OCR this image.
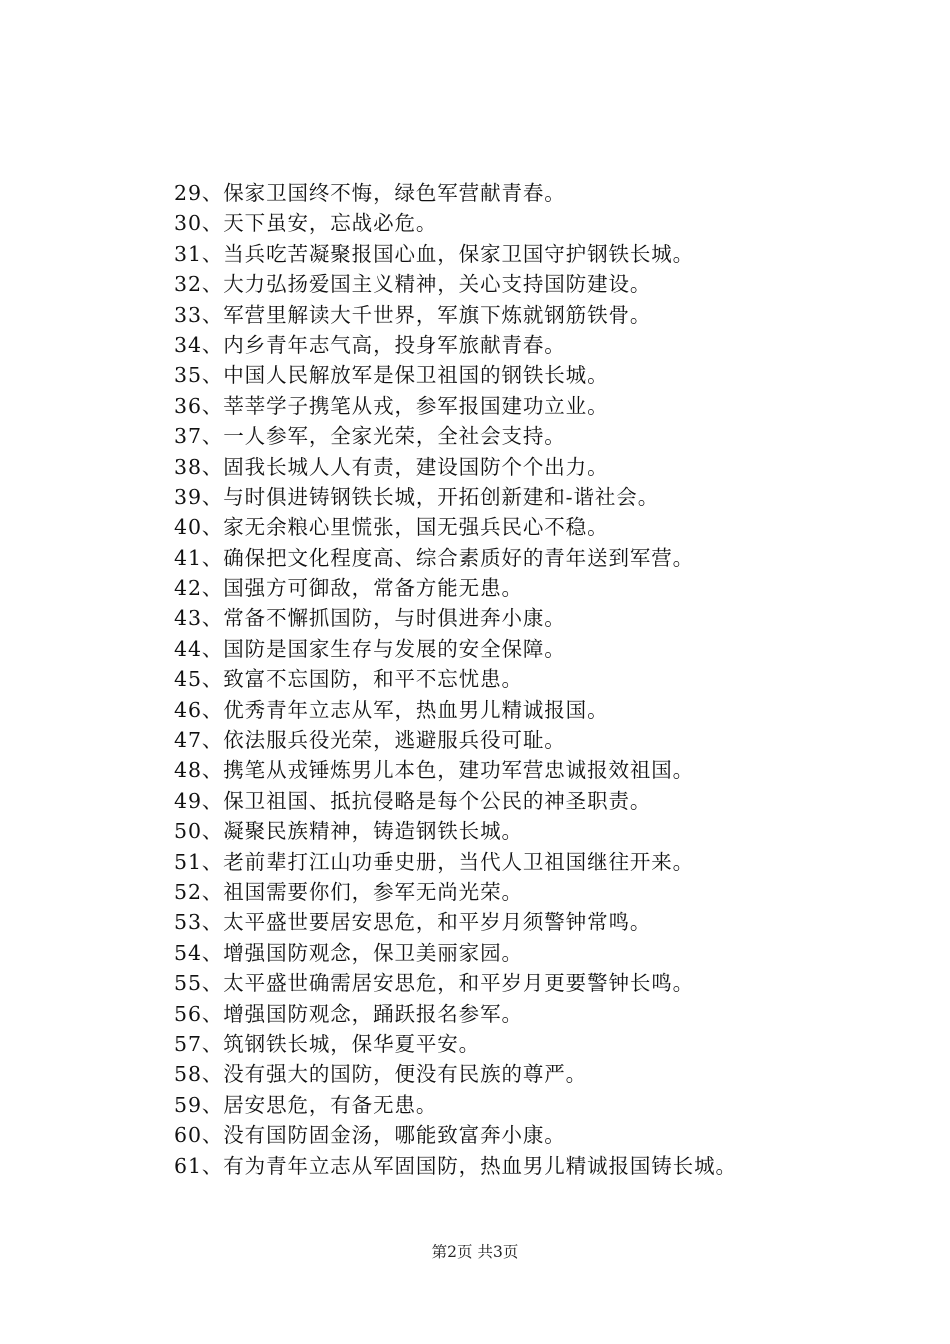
29、保家卫国终不悔，绿色军营献青春。
30、天下虽安，忘战必危。
31、当兵吃苦凝聚报国心血，保家卫国守护钢铁长城。
32、大力弘扬爱国主义精神，关心支持国防建设。
33、军营里解读大千世界，军旗下炼就钢筋铁骨。
34、内乡青年志气高，投身军旅献青春。
35、中国人民解放军是保卫祖国的钢铁长城。
36、莘莘学子携笔从戎，参军报国建功立业。
37、一人参军，全家光荣，全社会支持。
38、固我长城人人有责，建设国防个个出力。
39、与时俱进铸钢铁长城，开拓创新建和-谐社会。
40、家无余粮心里慌张，国无强兵民心不稳。
41、确保把文化程度高、综合素质好的青年送到军营。
42、国强方可御敌，常备方能无患。
43、常备不懈抓国防，与时俱进奔小康。
44、国防是国家生存与发展的安全保障。
45、致富不忘国防，和平不忘忧患。
46、优秀青年立志从军，热血男儿精诚报国。
47、依法服兵役光荣，逃避服兵役可耻。
48、携笔从戎锤炼男儿本色，建功军营忠诚报效祖国。
49、保卫祖国、抵抗侵略是每个公民的神圣职责。
50、凝聚民族精神，铸造钢铁长城。
51、老前辈打江山功垂史册，当代人卫祖国继往开来。
52、祖国需要你们，参军无尚光荣。
53、太平盛世要居安思危，和平岁月须警钟常鸣。
54、增强国防观念，保卫美丽家园。
55、太平盛世确需居安思危，和平岁月更要警钟长鸣。
56、增强国防观念，踊跃报名参军。
57、筑钢铁长城，保华夏平安。
58、没有强大的国防，便没有民族的尊严。
59、居安思危，有备无患。
60、没有国防固金汤，哪能致富奔小康。
61、有为青年立志从军固国防，热血男儿精诚报国铸长城。
第2页 共3页
